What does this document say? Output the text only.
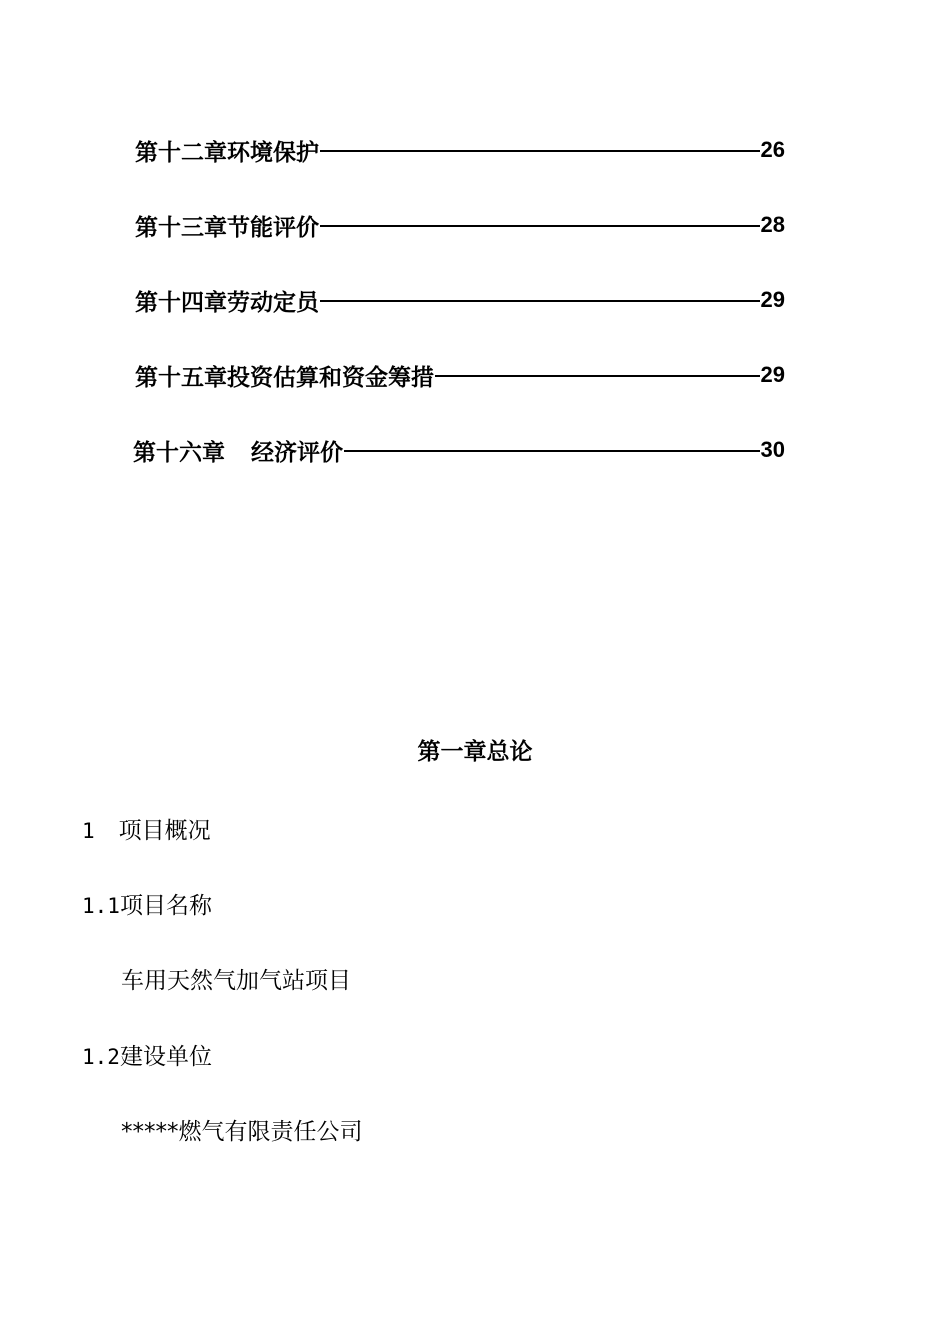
第十二章环境保护	26
第十三章节能评价	28
第十四章劳动定员	29
第十五章投资估算和资金筹措	29
第十六章 经济评价	30
第一章总论
1 项目概况
1.1项目名称
车用天然气加气站项目
1.2建设单位
*****燃气有限责任公司
